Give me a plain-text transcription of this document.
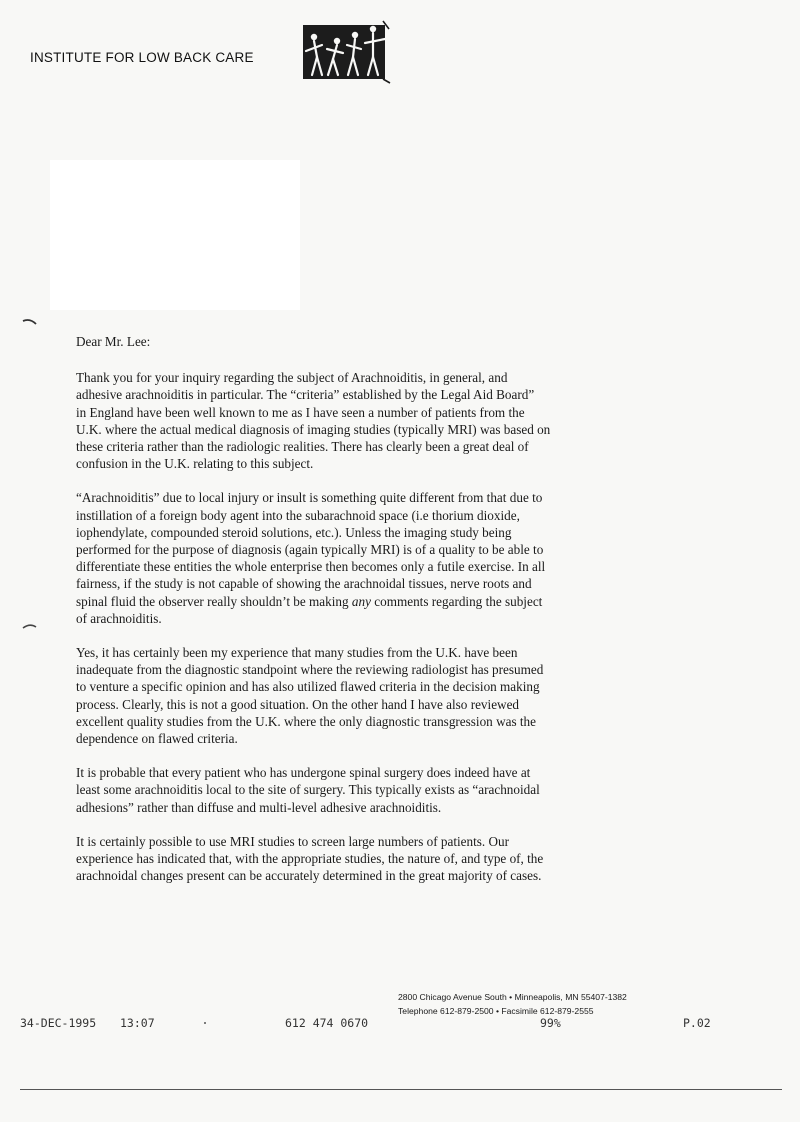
INSTITUTE FOR LOW BACK CARE
Dear Mr. Lee:

Thank you for your inquiry regarding the subject of Arachnoiditis, in general, and
adhesive arachnoiditis in particular. The “criteria” established by the Legal Aid Board”
in England have been well known to me as I have seen a number of patients from the
U.K. where the actual medical diagnosis of imaging studies (typically MRI) was based on
these criteria rather than the radiologic realities. There has clearly been a great deal of
confusion in the U.K. relating to this subject.

“Arachnoiditis” due to local injury or insult is something quite different from that due to
instillation of a foreign body agent into the subarachnoid space (i.e thorium dioxide,
iophendylate, compounded steroid solutions, etc.). Unless the imaging study being
performed for the purpose of diagnosis (again typically MRI) is of a quality to be able to
differentiate these entities the whole enterprise then becomes only a futile exercise. In all
fairness, if the study is not capable of showing the arachnoidal tissues, nerve roots and
spinal fluid the observer really shouldn’t be making any comments regarding the subject
of arachnoiditis.

Yes, it has certainly been my experience that many studies from the U.K. have been
inadequate from the diagnostic standpoint where the reviewing radiologist has presumed
to venture a specific opinion and has also utilized flawed criteria in the decision making
process. Clearly, this is not a good situation. On the other hand I have also reviewed
excellent quality studies from the U.K. where the only diagnostic transgression was the
dependence on flawed criteria.

It is probable that every patient who has undergone spinal surgery does indeed have at
least some arachnoiditis local to the site of surgery. This typically exists as “arachnoidal
adhesions” rather than diffuse and multi-level adhesive arachnoiditis.

It is certainly possible to use MRI studies to screen large numbers of patients. Our
experience has indicated that, with the appropriate studies, the nature of, and type of, the
arachnoidal changes present can be accurately determined in the great majority of cases.

2800 Chicago Avenue South • Minneapolis, MN 55407-1382
Telephone 612-879-2500 • Facsimile 612-879-2555
34-DEC-1995 13:07	612 474 0670	99%	P.02
